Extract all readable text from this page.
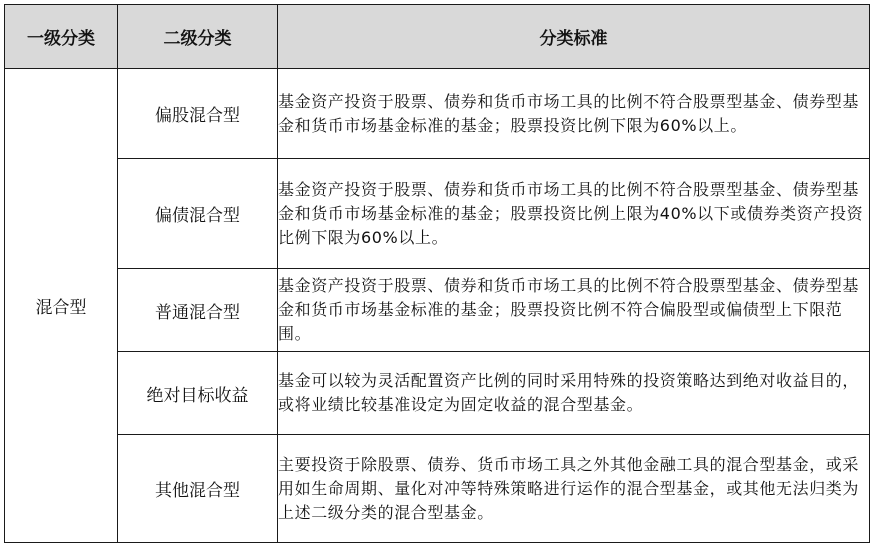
一级分类	二级分类	分类标准
混合型	偏股混合型	基金资产投资于股票、债券和货币市场工具的比例不符合股票型基金、债券型基金和货币市场基金标准的基金；股票投资比例下限为60%以上。
	偏债混合型	基金资产投资于股票、债券和货币市场工具的比例不符合股票型基金、债券型基金和货币市场基金标准的基金；股票投资比例上限为40%以下或债券类资产投资比例下限为60%以上。
	普通混合型	基金资产投资于股票、债券和货币市场工具的比例不符合股票型基金、债券型基金和货币市场基金标准的基金；股票投资比例不符合偏股型或偏债型上下限范围。
	绝对目标收益	基金可以较为灵活配置资产比例的同时采用特殊的投资策略达到绝对收益目的，或将业绩比较基准设定为固定收益的混合型基金。
	其他混合型	主要投资于除股票、债券、货币市场工具之外其他金融工具的混合型基金，或采用如生命周期、量化对冲等特殊策略进行运作的混合型基金，或其他无法归类为上述二级分类的混合型基金。
